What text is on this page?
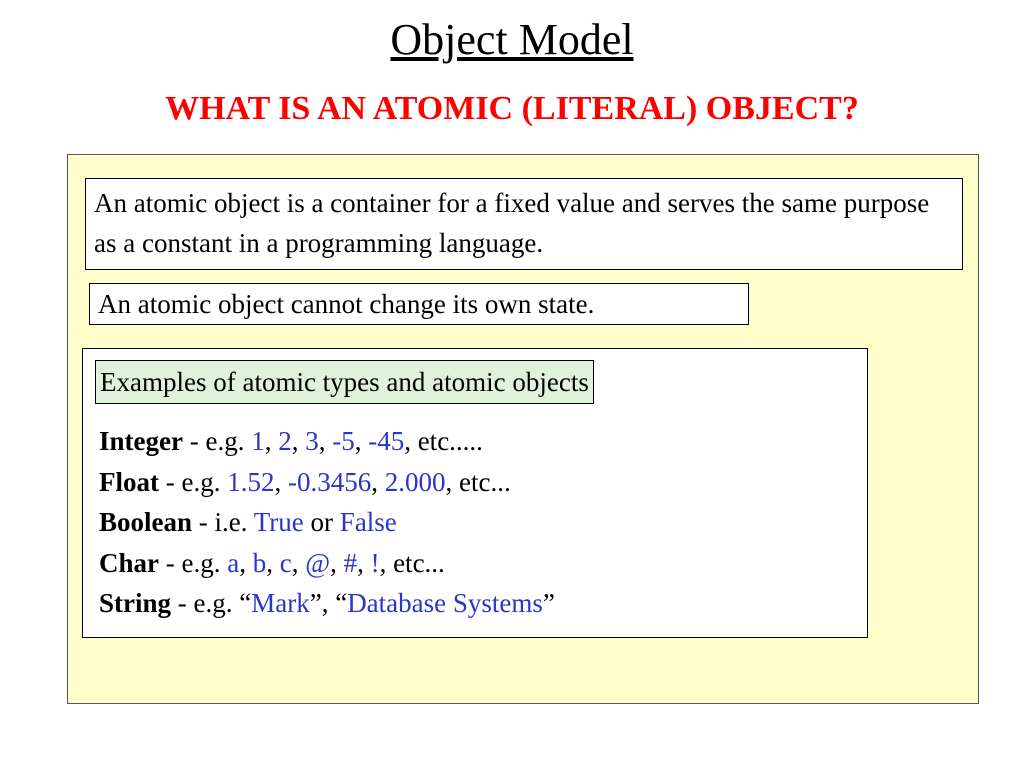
Object Model
WHAT IS AN ATOMIC (LITERAL) OBJECT?
An atomic object is a container for a fixed value and serves the same purpose as a constant in a programming language.
An atomic object cannot change its own state.
Examples of atomic types and atomic objects
Integer - e.g. 1, 2, 3, -5, -45, etc.....
Float - e.g. 1.52, -0.3456, 2.000, etc...
Boolean - i.e. True or False
Char - e.g. a, b, c, @, #, !, etc...
String - e.g. “Mark”, “Database Systems”
